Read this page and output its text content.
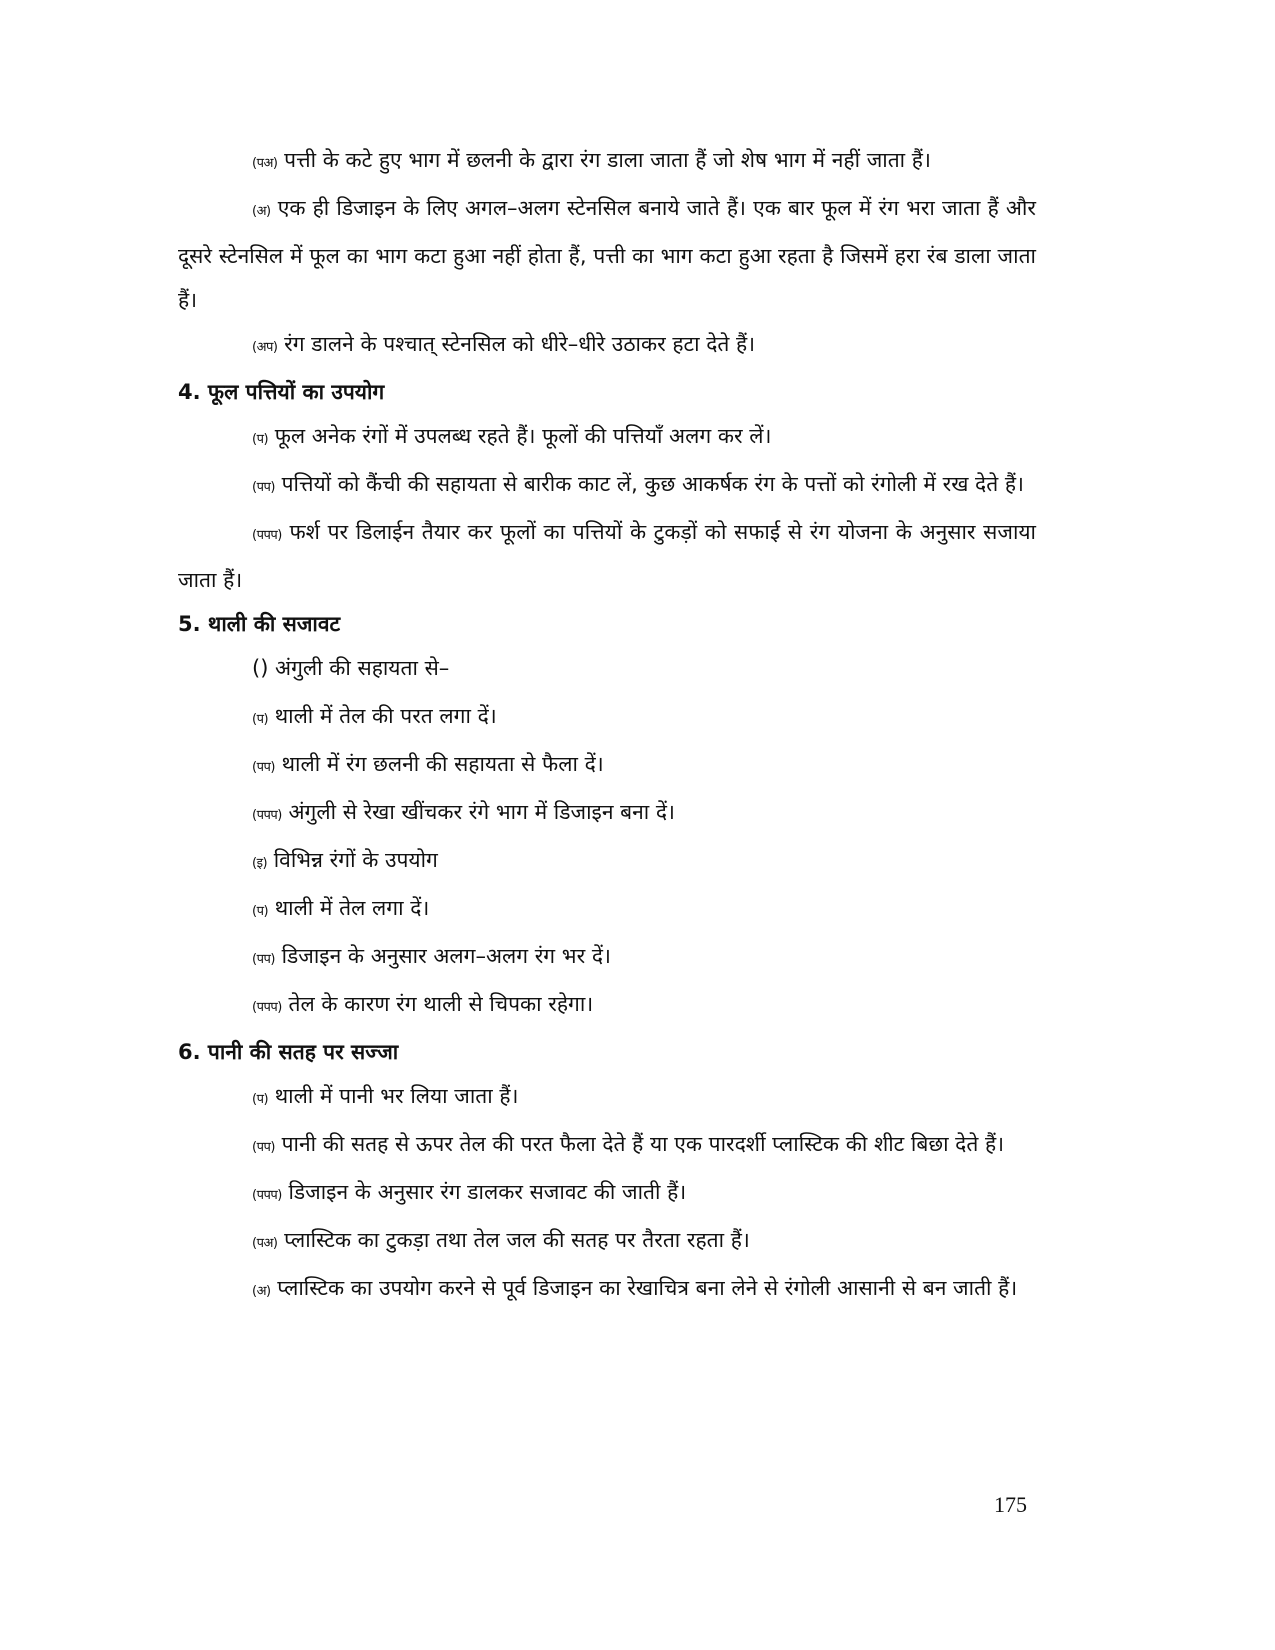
(पअ) पत्ती के कटे हुए भाग में छलनी के द्वारा रंग डाला जाता हैं जो शेष भाग में नहीं जाता हैं।

(अ) एक ही डिजाइन के लिए अगल–अलग स्टेनसिल बनाये जाते हैं। एक बार फूल में रंग भरा जाता हैं और दूसरे स्टेनसिल में फूल का भाग कटा हुआ नहीं होता हैं, पत्ती का भाग कटा हुआ रहता है जिसमें हरा रंब डाला जाता हैं।

(अप) रंग डालने के पश्चात् स्टेनसिल को धीरे–धीरे उठाकर हटा देते हैं।

4. फूल पत्तियों का उपयोग

(प) फूल अनेक रंगों में उपलब्ध रहते हैं। फूलों की पत्तियाँ अलग कर लें।

(पप) पत्तियों को कैंची की सहायता से बारीक काट लें, कुछ आकर्षक रंग के पत्तों को रंगोली में रख देते हैं।

(पपप) फर्श पर डिलाईन तैयार कर फूलों का पत्तियों के टुकड़ों को सफाई से रंग योजना के अनुसार सजाया जाता हैं।

5. थाली की सजावट

() अंगुली की सहायता से–

(प) थाली में तेल की परत लगा दें।

(पप) थाली में रंग छलनी की सहायता से फैला दें।

(पपप) अंगुली से रेखा खींचकर रंगे भाग में डिजाइन बना दें।

(इ) विभिन्न रंगों के उपयोग

(प) थाली में तेल लगा दें।

(पप) डिजाइन के अनुसार अलग–अलग रंग भर दें।

(पपप) तेल के कारण रंग थाली से चिपका रहेगा।

6. पानी की सतह पर सज्जा

(प) थाली में पानी भर लिया जाता हैं।

(पप) पानी की सतह से ऊपर तेल की परत फैला देते हैं या एक पारदर्शी प्लास्टिक की शीट बिछा देते हैं।

(पपप) डिजाइन के अनुसार रंग डालकर सजावट की जाती हैं।

(पअ) प्लास्टिक का टुकड़ा तथा तेल जल की सतह पर तैरता रहता हैं।

(अ) प्लास्टिक का उपयोग करने से पूर्व डिजाइन का रेखाचित्र बना लेने से रंगोली आसानी से बन जाती हैं।

175
